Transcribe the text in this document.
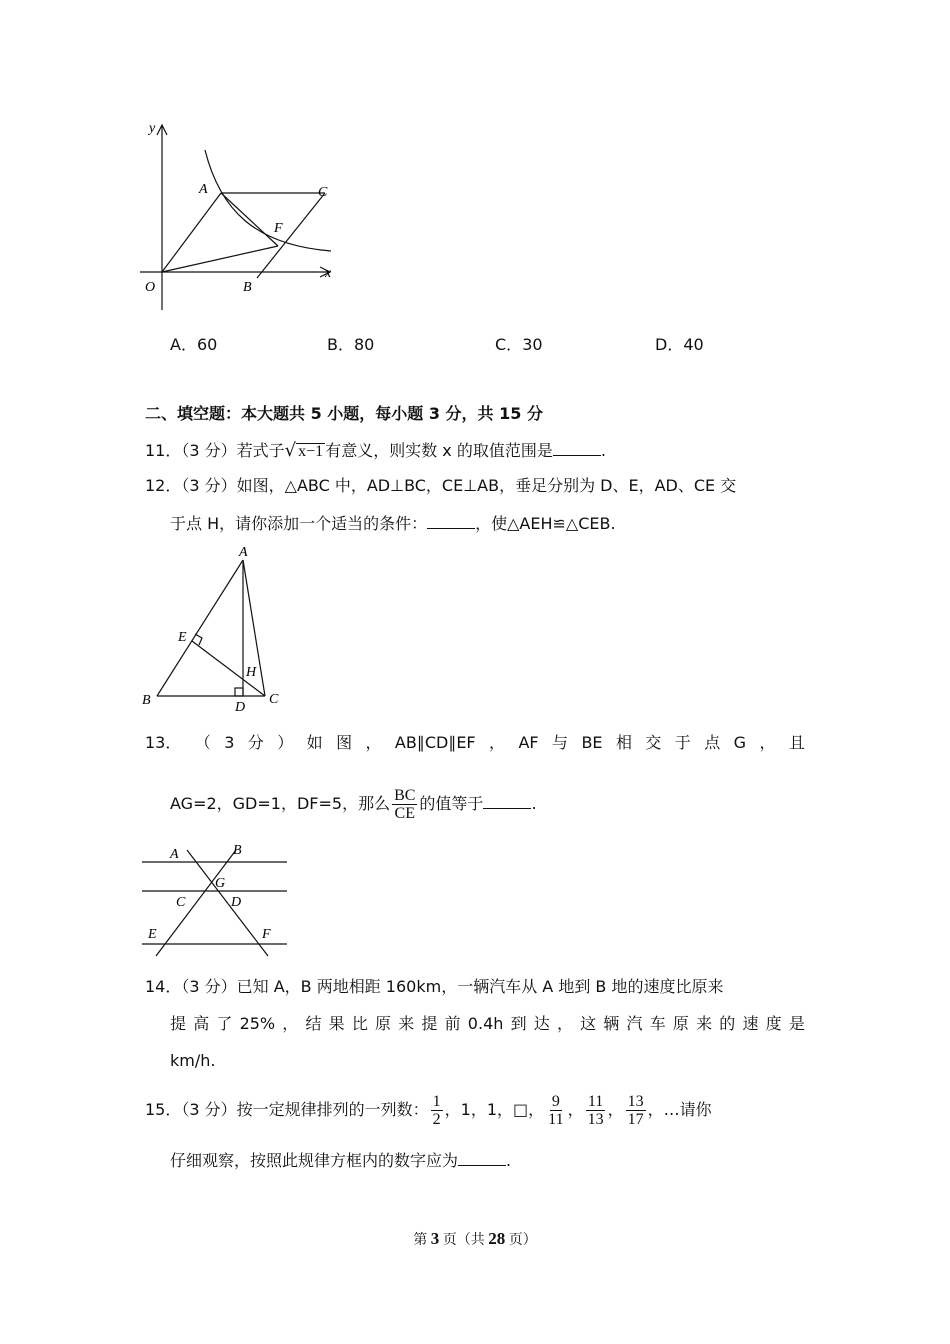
y
A	C
F
O	B
x
A．60	B．80	C．30	D．40
二、填空题：本大题共 5 小题，每小题 3 分，共 15 分
11．（3 分）若式子√ x−1 有意义，则实数 x 的取值范围是	.
12．（3 分）如图，△ABC 中，AD⊥BC，CE⊥AB，垂足分别为 D、E，AD、CE 交
于点 H，请你添加一个适当的条件：	，使△AEH≌△CEB.
A
E
H
B	D
C
13． （ 3 分 ） 如 图 ， AB∥CD∥EF ， AF 与 BE 相 交 于 点 G ， 且
AG=2，GD=1，DF=5，那么 $\frac{BC}{CE}$ 的值等于	.
A	B
G
C	D
E	F
14．（3 分）已知 A，B 两地相距 160km，一辆汽车从 A 地到 B 地的速度比原来
提 高 了 25% ， 结 果 比 原 来 提 前 0.4h 到 达 ， 这 辆 汽 车 原 来 的 速 度 是
km/h.
15．（3 分）按一定规律排列的一列数： $\frac{1}{2}$ ，1，1，□， $\frac{9}{11}$ ， $\frac{11}{13}$ ， $\frac{13}{17}$ ，…请你
仔细观察，按照此规律方框内的数字应为	.
第 3 页（共 28 页）
